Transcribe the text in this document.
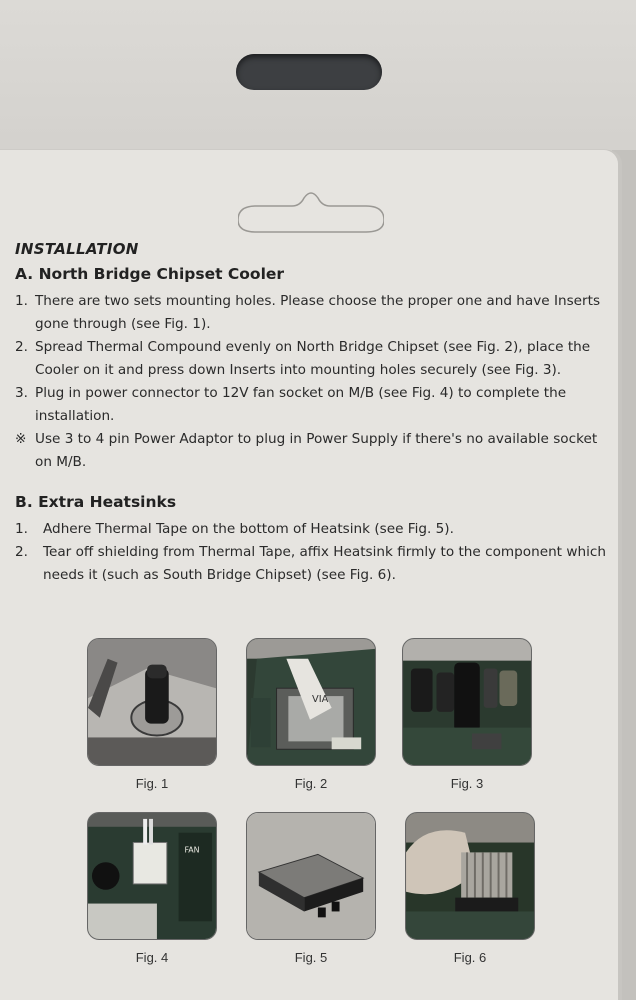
INSTALLATION
A. North Bridge Chipset Cooler
1. There are two sets mounting holes. Please choose the proper one and have Inserts gone through (see Fig. 1).
2. Spread Thermal Compound evenly on North Bridge Chipset (see Fig. 2), place the Cooler on it and press down Inserts into mounting holes securely (see Fig. 3).
3. Plug in power connector to 12V fan socket on M/B (see Fig. 4) to complete the installation.
※ Use 3 to 4 pin Power Adaptor to plug in Power Supply if there's no available socket on M/B.
B. Extra Heatsinks
1.	Adhere Thermal Tape on the bottom of Heatsink (see Fig. 5).
2.	Tear off shielding from Thermal Tape, affix Heatsink firmly to the component which needs it (such as South Bridge Chipset) (see Fig. 6).
Fig. 1
VIA
Fig. 2	Fig. 3
FAN
Fig. 4	Fig. 5	Fig. 6
